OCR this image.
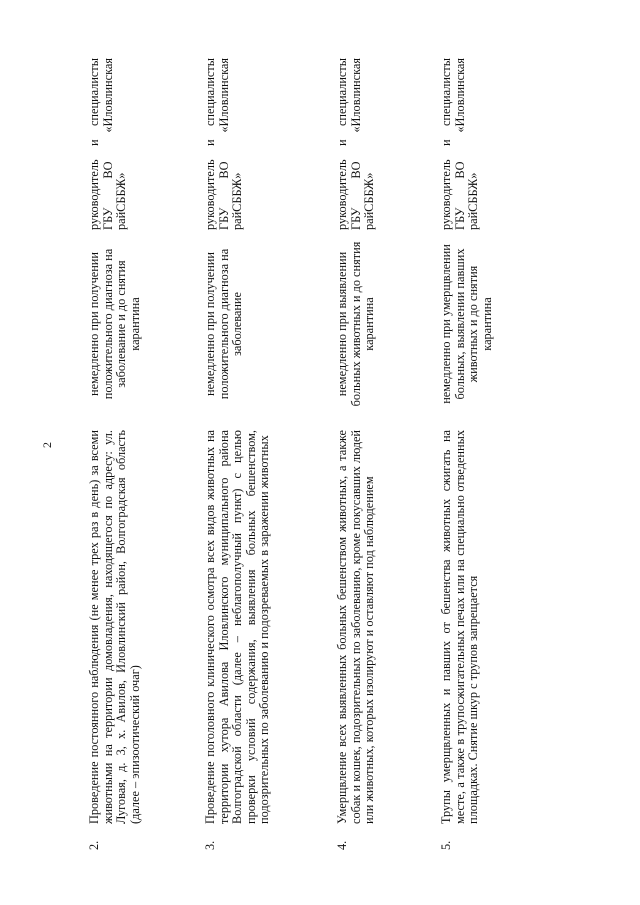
2
2.
Проведение постоянного наблюдения (не менее трех раз в день) за всеми животными на территории домовладения, находящегося по адресу: ул. Луговая, д. 3, х. Авилов, Иловлинский район, Волгоградская область (далее – эпизоотический очаг)
немедленно при получении положительного диагноза на заболевание и до снятия карантина
руководитель и специалисты ГБУ ВО «Иловлинская райСББЖ»
3.
Проведение поголовного клинического осмотра всех видов животных на территории хутора Авилова Иловлинского муниципального района Волгоградской области (далее – неблагополучный пункт) с целью проверки условий содержания, выявления больных бешенством, подозрительных по заболеванию и подозреваемых в заражении животных
немедленно при получении положительного диагноза на заболевание
руководитель и специалисты ГБУ ВО «Иловлинская райСББЖ»
4.
Умерщвление всех выявленных больных бешенством животных, а также собак и кошек, подозрительных по заболеванию, кроме покусавших людей или животных, которых изолируют и оставляют под наблюдением
немедленно при выявлении больных животных и до снятия карантина
руководитель и специалисты ГБУ ВО «Иловлинская райСББЖ»
5.
Трупы умерщвленных и павших от бешенства животных сжигать на месте, а также в трупосжигательных печах или на специально отведенных площадках. Снятие шкур с трупов запрещается
немедленно при умерщвлении больных, выявлении павших животных и до снятия карантина
руководитель и специалисты ГБУ ВО «Иловлинская райСББЖ»
